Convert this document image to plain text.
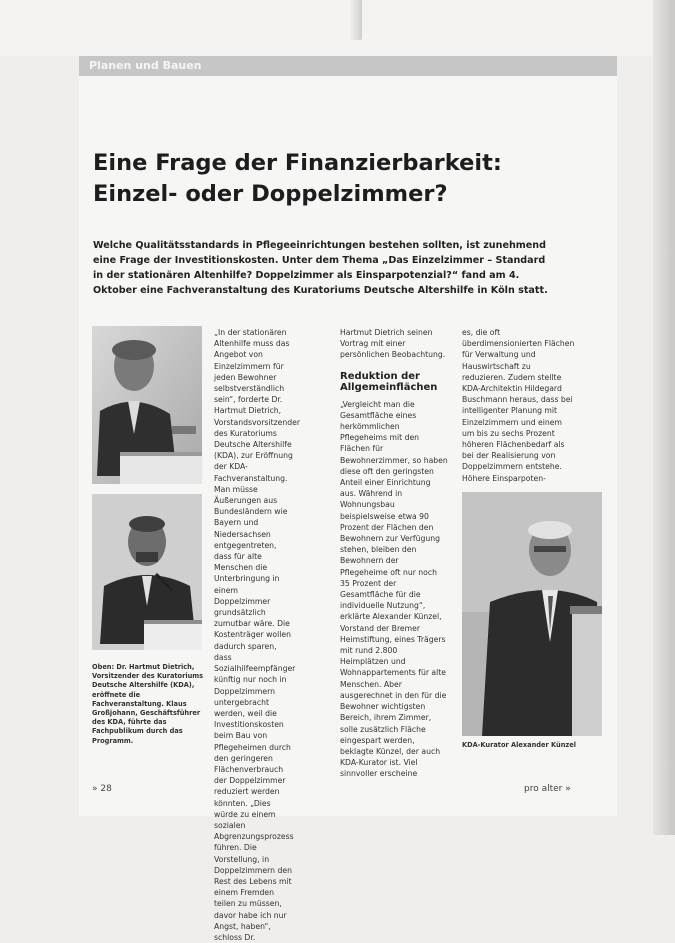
Planen und Bauen
Eine Frage der Finanzierbarkeit:
Einzel- oder Doppelzimmer?
Welche Qualitätsstandards in Pflegeeinrichtungen bestehen sollten, ist zunehmend eine Frage der Investitionskosten. Unter dem Thema „Das Einzelzimmer – Standard in der stationären Altenhilfe? Doppelzimmer als Einsparpotenzial?“ fand am 4. Oktober eine Fachveranstaltung des Kuratoriums Deutsche Altershilfe in Köln statt.

„In der stationären Altenhilfe muss das Angebot von Einzelzimmern für jeden Bewohner selbstverständlich sein“, forderte Dr. Hartmut Dietrich, Vorstandsvorsitzender des Kuratoriums Deutsche Altershilfe (KDA), zur Eröffnung der KDA-Fachveranstaltung. Man müsse Äußerungen aus Bundesländern wie Bayern und Niedersachsen entgegentreten, dass für alte Menschen die Unterbringung in einem Doppelzimmer grundsätzlich zumutbar wäre. Die Kostenträger wollen dadurch sparen, dass Sozialhilfeempfänger künftig nur noch in Doppelzimmern untergebracht werden, weil die Investitionskosten beim Bau von Pflegeheimen durch den geringeren Flächenverbrauch der Doppelzimmer reduziert werden könnten. „Dies würde zu einem sozialen Abgrenzungsprozess führen. Die Vorstellung, in Doppelzimmern den Rest des Lebens mit einem Fremden teilen zu müssen, davor habe ich nur Angst, haben“, schloss Dr.

Hartmut Dietrich seinen Vortrag mit einer persönlichen Beobachtung.

Reduktion der Allgemeinflächen

„Vergleicht man die Gesamtfläche eines herkömmlichen Pflegeheims mit den Flächen für Bewohnerzimmer, so haben diese oft den geringsten Anteil einer Einrichtung aus. Während in Wohnungsbau beispielsweise etwa 90 Prozent der Flächen den Bewohnern zur Verfügung stehen, bleiben den Bewohnern der Pflegeheime oft nur noch 35 Prozent der Gesamtfläche für die individuelle Nutzung“, erklärte Alexander Künzel, Vorstand der Bremer Heimstiftung, eines Trägers mit rund 2.800 Heimplätzen und Wohnappartements für alte Menschen. Aber ausgerechnet in den für die Bewohner wichtigsten Bereich, ihrem Zimmer, solle zusätzlich Fläche eingespart werden, beklagte Künzel, der auch KDA-Kurator ist. Viel sinnvoller erscheine

es, die oft überdimensionierten Flächen für Verwaltung und Hauswirtschaft zu reduzieren. Zudem stellte KDA-Architektin Hildegard Buschmann heraus, dass bei intelligenter Planung mit Einzelzimmern und einem um bis zu sechs Prozent höheren Flächenbedarf als bei der Realisierung von Doppelzimmern entstehe. Höhere Einsparpoten-

Oben: Dr. Hartmut Dietrich, Vorsitzender des Kuratoriums Deutsche Altershilfe (KDA), eröffnete die Fachveranstaltung. Klaus Großjohann, Geschäftsführer des KDA, führte das Fachpublikum durch das Programm.
KDA-Kurator Alexander Künzel
» 28	pro alter »
